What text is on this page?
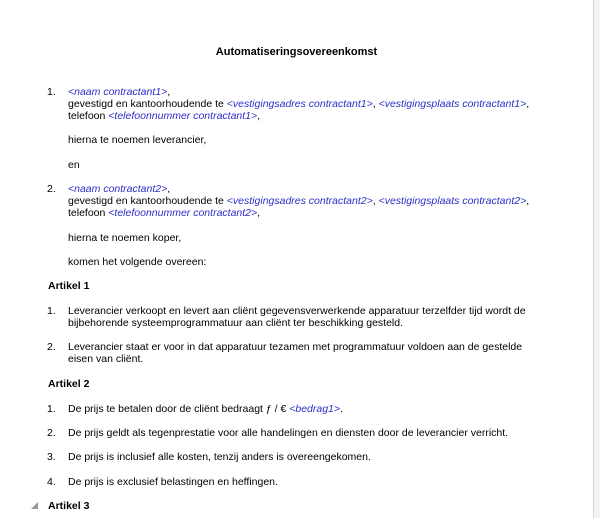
Automatiseringsovereenkomst
1. <naam contractant1>,
gevestigd en kantoorhoudende te <vestigingsadres contractant1>, <vestigingsplaats contractant1>,
telefoon <telefoonnummer contractant1>,
hierna te noemen leverancier,
en
2. <naam contractant2>,
gevestigd en kantoorhoudende te <vestigingsadres contractant2>, <vestigingsplaats contractant2>,
telefoon <telefoonnummer contractant2>,
hierna te noemen koper,
komen het volgende overeen:
Artikel 1
1. Leverancier verkoopt en levert aan cliënt gegevensverwerkende apparatuur terzelfder tijd wordt de
bijbehorende systeemprogrammatuur aan cliënt ter beschikking gesteld.
2. Leverancier staat er voor in dat apparatuur tezamen met programmatuur voldoen aan de gestelde
eisen van cliënt.
Artikel 2
1. De prijs te betalen door de cliënt bedraagt ƒ / € <bedrag1>.
2. De prijs geldt als tegenprestatie voor alle handelingen en diensten door de leverancier verricht.
3. De prijs is inclusief alle kosten, tenzij anders is overeengekomen.
4. De prijs is exclusief belastingen en heffingen.
Artikel 3
